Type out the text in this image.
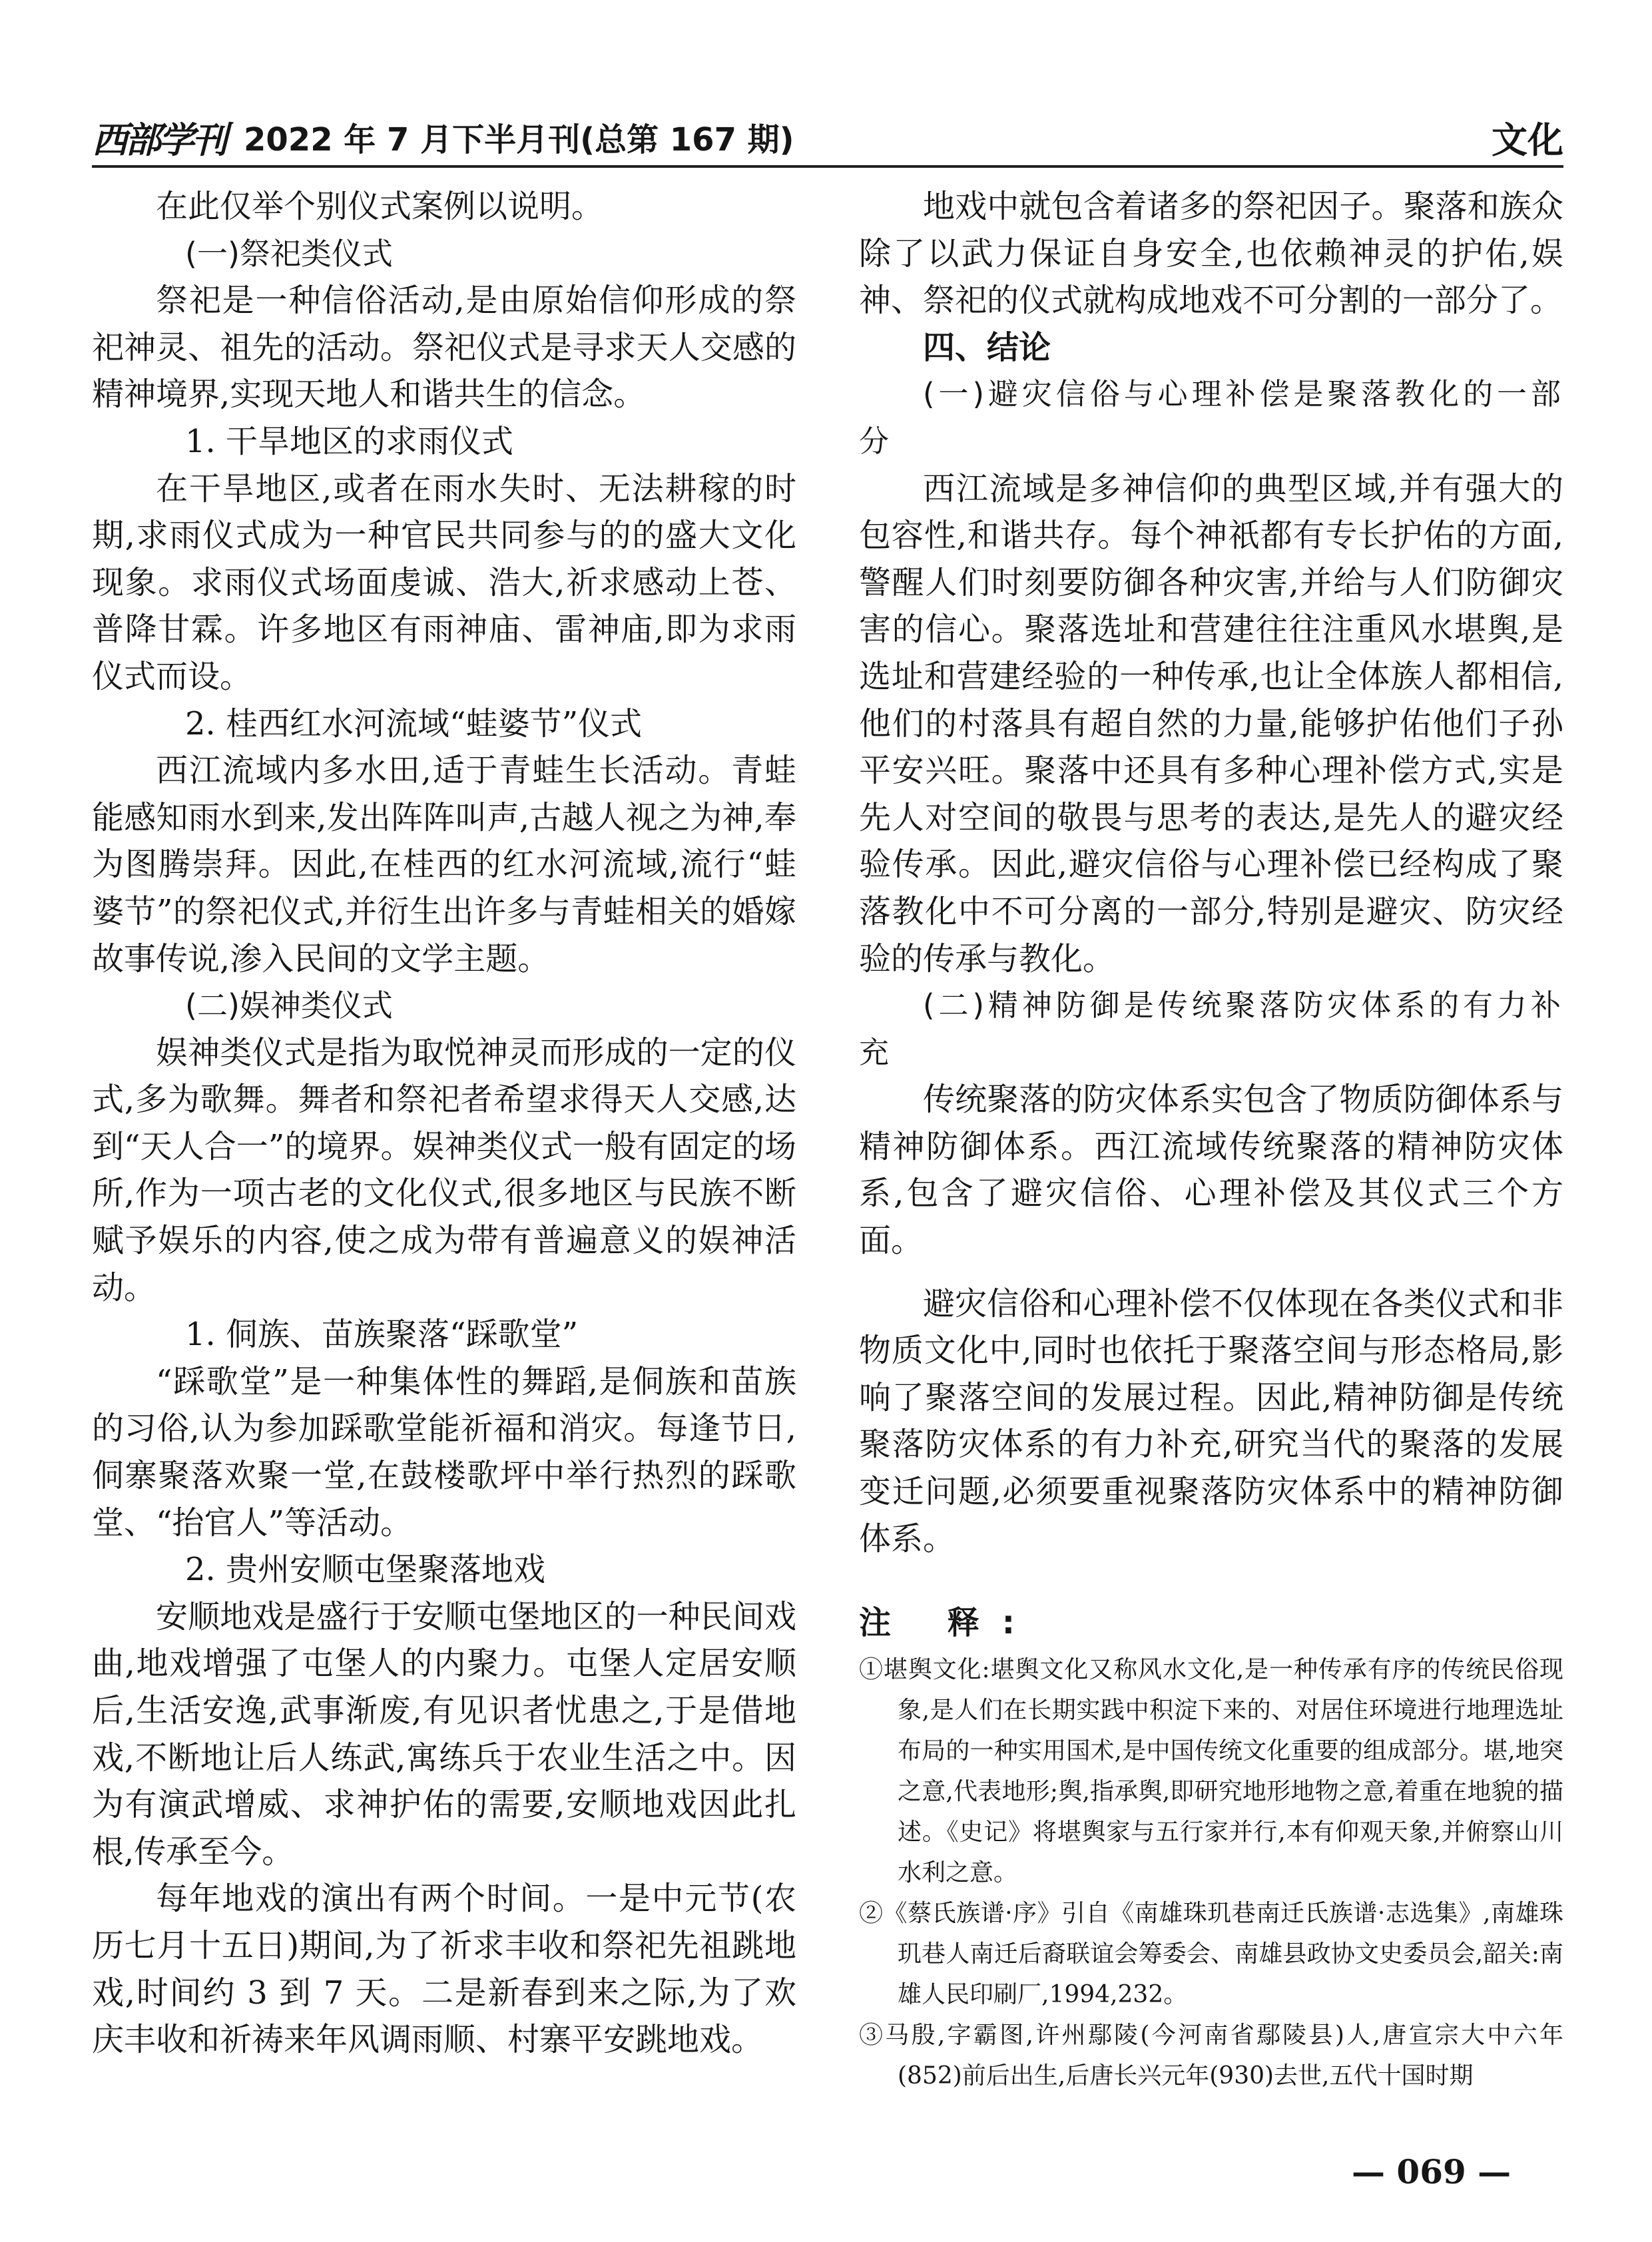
西部学刊 2022 年 7 月下半月刊(总第 167 期)	文化

在此仅举个别仪式案例以说明。

(一)祭祀类仪式

祭祀是一种信俗活动,是由原始信仰形成的祭祀神灵、祖先的活动。祭祀仪式是寻求天人交感的精神境界,实现天地人和谐共生的信念。

1. 干旱地区的求雨仪式

在干旱地区,或者在雨水失时、无法耕稼的时期,求雨仪式成为一种官民共同参与的的盛大文化现象。求雨仪式场面虔诚、浩大,祈求感动上苍、普降甘霖。许多地区有雨神庙、雷神庙,即为求雨仪式而设。

2. 桂西红水河流域“蛙婆节”仪式

西江流域内多水田,适于青蛙生长活动。青蛙能感知雨水到来,发出阵阵叫声,古越人视之为神,奉为图腾崇拜。因此,在桂西的红水河流域,流行“蛙婆节”的祭祀仪式,并衍生出许多与青蛙相关的婚嫁故事传说,渗入民间的文学主题。

(二)娱神类仪式

娱神类仪式是指为取悦神灵而形成的一定的仪式,多为歌舞。舞者和祭祀者希望求得天人交感,达到“天人合一”的境界。娱神类仪式一般有固定的场所,作为一项古老的文化仪式,很多地区与民族不断赋予娱乐的内容,使之成为带有普遍意义的娱神活动。

1. 侗族、苗族聚落“踩歌堂”

“踩歌堂”是一种集体性的舞蹈,是侗族和苗族的习俗,认为参加踩歌堂能祈福和消灾。每逢节日,侗寨聚落欢聚一堂,在鼓楼歌坪中举行热烈的踩歌堂、“抬官人”等活动。

2. 贵州安顺屯堡聚落地戏

安顺地戏是盛行于安顺屯堡地区的一种民间戏曲,地戏增强了屯堡人的内聚力。屯堡人定居安顺后,生活安逸,武事渐废,有见识者忧患之,于是借地戏,不断地让后人练武,寓练兵于农业生活之中。因为有演武增威、求神护佑的需要,安顺地戏因此扎根,传承至今。

每年地戏的演出有两个时间。一是中元节(农历七月十五日)期间,为了祈求丰收和祭祀先祖跳地戏,时间约 3 到 7 天。二是新春到来之际,为了欢庆丰收和祈祷来年风调雨顺、村寨平安跳地戏。

地戏中就包含着诸多的祭祀因子。聚落和族众除了以武力保证自身安全,也依赖神灵的护佑,娱神、祭祀的仪式就构成地戏不可分割的一部分了。

四、结论

(一)避灾信俗与心理补偿是聚落教化的一部分

西江流域是多神信仰的典型区域,并有强大的包容性,和谐共存。每个神祇都有专长护佑的方面,警醒人们时刻要防御各种灾害,并给与人们防御灾害的信心。聚落选址和营建往往注重风水堪舆,是选址和营建经验的一种传承,也让全体族人都相信,他们的村落具有超自然的力量,能够护佑他们子孙平安兴旺。聚落中还具有多种心理补偿方式,实是先人对空间的敬畏与思考的表达,是先人的避灾经验传承。因此,避灾信俗与心理补偿已经构成了聚落教化中不可分离的一部分,特别是避灾、防灾经验的传承与教化。

(二)精神防御是传统聚落防灾体系的有力补充

传统聚落的防灾体系实包含了物质防御体系与精神防御体系。西江流域传统聚落的精神防灾体系,包含了避灾信俗、心理补偿及其仪式三个方面。

避灾信俗和心理补偿不仅体现在各类仪式和非物质文化中,同时也依托于聚落空间与形态格局,影响了聚落空间的发展过程。因此,精神防御是传统聚落防灾体系的有力补充,研究当代的聚落的发展变迁问题,必须要重视聚落防灾体系中的精神防御体系。

注 释:

①堪舆文化:堪舆文化又称风水文化,是一种传承有序的传统民俗现象,是人们在长期实践中积淀下来的、对居住环境进行地理选址布局的一种实用国术,是中国传统文化重要的组成部分。堪,地突之意,代表地形;舆,指承舆,即研究地形地物之意,着重在地貌的描述。《史记》将堪舆家与五行家并行,本有仰观天象,并俯察山川水利之意。

②《蔡氏族谱·序》引自《南雄珠玑巷南迁氏族谱·志选集》,南雄珠玑巷人南迁后裔联谊会筹委会、南雄县政协文史委员会,韶关:南雄人民印刷厂,1994,232。

③马殷,字霸图,许州鄢陵(今河南省鄢陵县)人,唐宣宗大中六年(852)前后出生,后唐长兴元年(930)去世,五代十国时期

— 069 —
